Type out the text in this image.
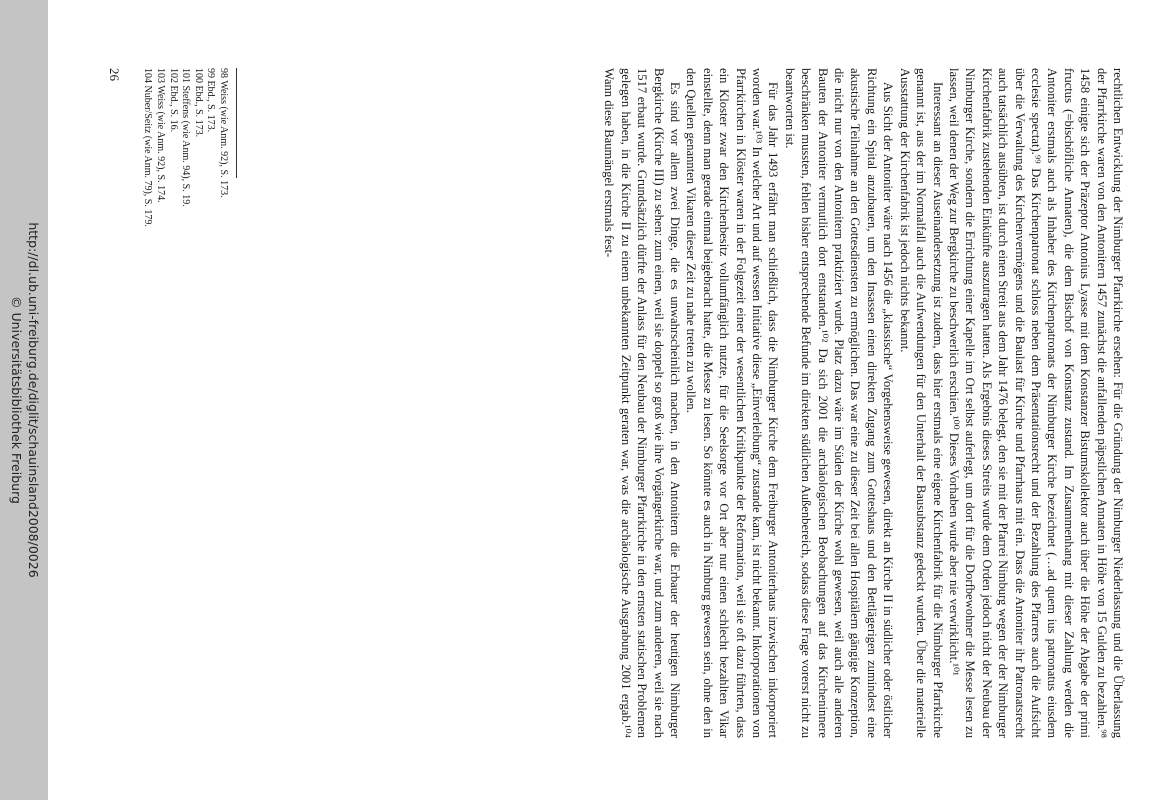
http://dl.ub.uni-freiburg.de/diglit/schauinsland2008/0026
© Universitätsbibliothek Freiburg	rechtlichen Entwicklung der Nimburger Pfarrkirche ersehen: Für die Gründung der Nimburger Niederlassung und die Überlassung der Pfarrkirche waren von den Antonitern 1457 zunächst die anfallenden päpstlichen Annaten in Höhe von 15 Gulden zu bezahlen.⁹⁸ 1458 einigte sich der Präzeptor Antonius Lyasse mit dem Konstanzer Bistumskollektor auch über die Höhe der Abgabe der primi fructus (=bischöfliche Annaten), die dem Bischof von Konstanz zustand. Im Zusammenhang mit dieser Zahlung werden die Antoniter erstmals auch als Inhaber des Kirchenpatronats der Nimburger Kirche bezeichnet (…ad quem ius patronatus eiusdem ecclesie spectat).⁹⁹ Das Kirchenpatronat schloss neben dem Präsentationsrecht und der Bezahlung des Pfarrers auch die Aufsicht über die Verwaltung des Kirchenvermögens und die Baulast für Kirche und Pfarrhaus mit ein. Dass die Antoniter ihr Patronatsrecht auch tatsächlich ausübten, ist durch einen Streit aus dem Jahr 1476 belegt, den sie mit der Pfarrei Nimburg wegen der der Nimburger Kirchenfabrik zustehenden Einkünfte auszutragen hatten. Als Ergebnis dieses Streits wurde dem Orden jedoch nicht der Neubau der Nimburger Kirche, sondern die Errichtung einer Kapelle im Ort selbst auferlegt, um dort für die Dorfbewohner die Messe lesen zu lassen, weil denen der Weg zur Bergkirche zu beschwerlich erschien.¹⁰⁰ Dieses Vorhaben wurde aber nie verwirklicht.¹⁰¹

Interessant an dieser Auseinandersetzung ist zudem, dass hier erstmals eine eigene Kirchenfabrik für die Nimburger Pfarrkirche genannt ist, aus der im Normalfall auch die Aufwendungen für den Unterhalt der Bausubstanz gedeckt wurden. Über die materielle Ausstattung der Kirchenfabrik ist jedoch nichts bekannt.

Aus Sicht der Antoniter wäre nach 1456 die „klassische“ Vorgehensweise gewesen, direkt an Kirche II in südlicher oder östlicher Richtung ein Spital anzubauen, um den Insassen einen direkten Zugang zum Gotteshaus und den Bettlägerigen zumindest eine akustische Teilnahme an den Gottesdiensten zu ermöglichen. Das war eine zu dieser Zeit bei allen Hospitälern gängige Konzeption, die nicht nur von den Antonitern praktiziert wurde. Platz dazu wäre im Süden der Kirche wohl gewesen, weil auch alle anderen Bauten der Antoniter vermutlich dort entstanden.¹⁰² Da sich 2001 die archäologischen Beobachtungen auf das Kircheninnere beschränken mussten, fehlen bisher entsprechende Befunde im direkten südlichen Außenbereich, sodass diese Frage vorerst nicht zu beantworten ist.

Für das Jahr 1493 erfährt man schließlich, dass die Nimburger Kirche dem Freiburger Antoniterhaus inzwischen inkorporiert worden war.¹⁰³ In welcher Art und auf wessen Initiative diese „Einverleibung“ zustande kam, ist nicht bekannt. Inkorporationen von Pfarrkirchen in Klöster waren in der Folgezeit einer der wesentlichen Kritikpunkte der Reformation, weil sie oft dazu führten, dass ein Kloster zwar den Kirchenbesitz vollumfänglich nutzte, für die Seelsorge vor Ort aber nur einen schlecht bezahlten Vikar einstellte, denn man gerade einmal beigebracht hatte, die Messe zu lesen. So könnte es auch in Nimburg gewesen sein, ohne den in den Quellen genannten Vikaren dieser Zeit zu nahe treten zu wollen.

Es sind vor allem zwei Dinge, die es unwahrscheinlich machen, in den Antonitern die Erbauer der heutigen Nimburger Bergkirche (Kirche III) zu sehen: zum einen, weil sie doppelt so groß wie ihre Vorgängerkirche war, und zum anderen, weil sie nach 1517 erbaut wurde. Grundsätzlich dürfte der Anlass für den Neubau der Nimburger Pfarrkirche in den ernsten statischen Problemen gelegen haben, in die Kirche II zu einem unbekannten Zeitpunkt geraten war, was die archäologische Ausgrabung 2001 ergab.¹⁰⁴ Wann diese Baumängel erstmals fest-

98 Weiss (wie Anm. 92), S. 173.
99 Ebd., S. 173.
100 Ebd., S. 173.
101 Steffens (wie Anm. 94), S. 19.
102 Ebd., S. 16.
103 Weiss (wie Anm. 92), S. 174.
104 Nuber/Seitz (wie Anm. 79), S. 179.
26
